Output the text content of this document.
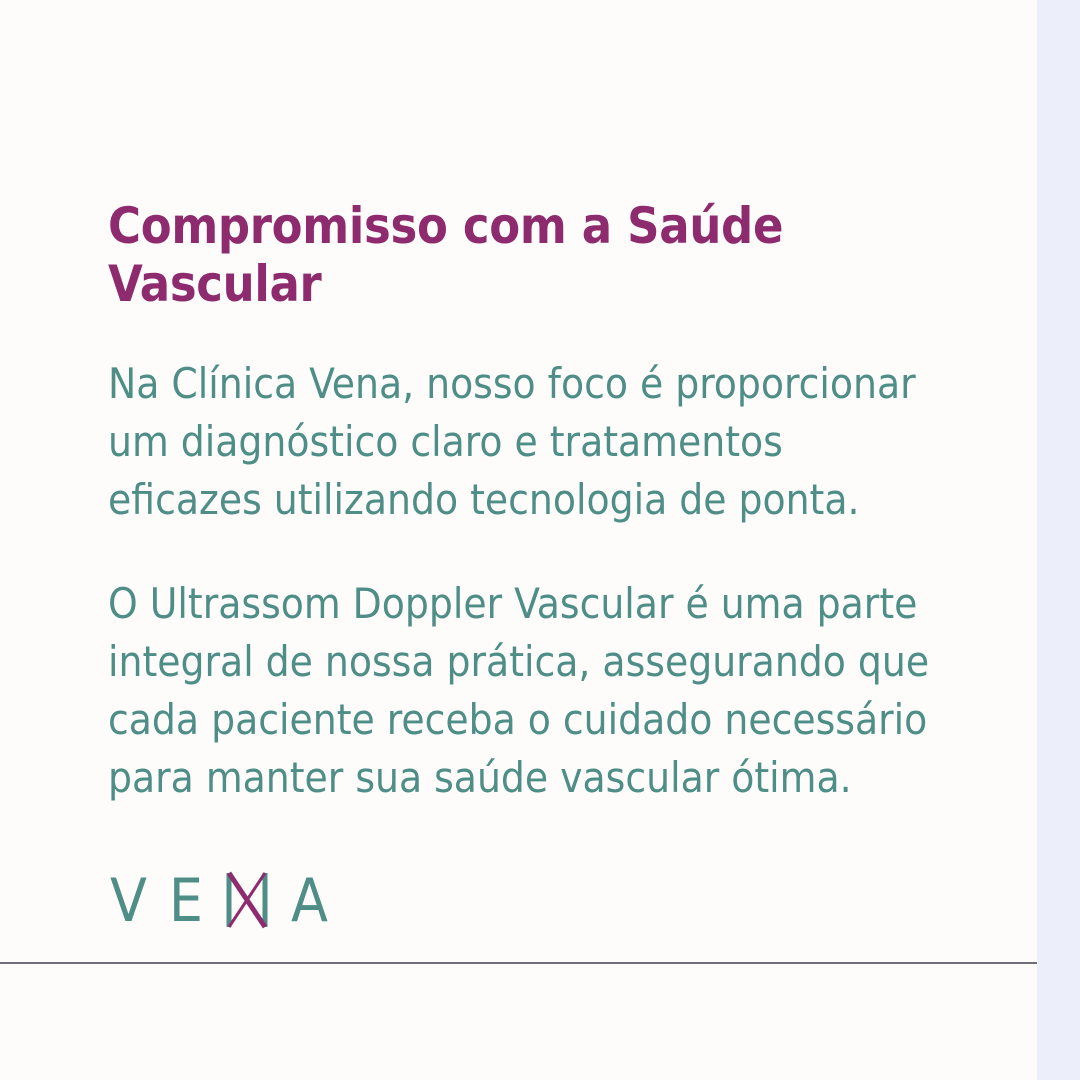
Compromisso com a Saúde Vascular

Na Clínica Vena, nosso foco é proporcionar um diagnóstico claro e tratamentos eficazes utilizando tecnologia de ponta.

O Ultrassom Doppler Vascular é uma parte integral de nossa prática, assegurando que cada paciente receba o cuidado necessário para manter sua saúde vascular ótima.

V E A
